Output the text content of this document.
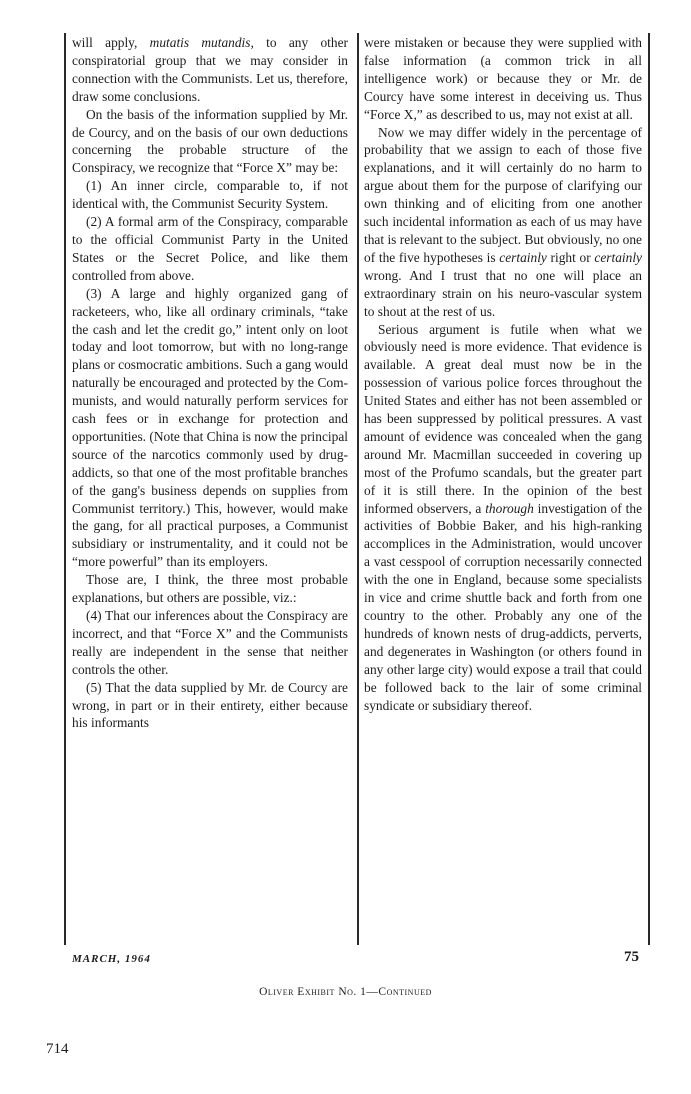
will apply, mutatis mutandis, to any other conspiratorial group that we may consider in connection with the Communists. Let us, therefore, draw some conclusions.

On the basis of the information supplied by Mr. de Courcy, and on the basis of our own deductions concerning the probable structure of the Conspiracy, we recognize that “Force X” may be:

(1) An inner circle, comparable to, if not identical with, the Communist Security System.

(2) A formal arm of the Conspiracy, comparable to the official Communist Party in the United States or the Secret Police, and like them controlled from above.

(3) A large and highly organized gang of racketeers, who, like all ordinary criminals, “take the cash and let the credit go,” intent only on loot today and loot tomorrow, but with no long-range plans or cosmocratic ambitions. Such a gang would naturally be encouraged and protected by the Communists, and would naturally perform services for cash fees or in exchange for protection and opportunities. (Note that China is now the principal source of the narcotics commonly used by drug-addicts, so that one of the most profitable branches of the gang's business depends on supplies from Communist territory.) This, however, would make the gang, for all practical purposes, a Communist subsidiary or instrumentality, and it could not be “more powerful” than its employers.

Those are, I think, the three most probable explanations, but others are possible, viz.:

(4) That our inferences about the Conspiracy are incorrect, and that “Force X” and the Communists really are independent in the sense that neither controls the other.

(5) That the data supplied by Mr. de Courcy are wrong, in part or in their entirety, either because his informants

were mistaken or because they were supplied with false information (a common trick in all intelligence work) or because they or Mr. de Courcy have some interest in deceiving us. Thus “Force X,” as described to us, may not exist at all.

Now we may differ widely in the percentage of probability that we assign to each of those five explanations, and it will certainly do no harm to argue about them for the purpose of clarifying our own thinking and of eliciting from one another such incidental information as each of us may have that is relevant to the subject. But obviously, no one of the five hypotheses is certainly right or certainly wrong. And I trust that no one will place an extraordinary strain on his neuro-vascular system to shout at the rest of us.

Serious argument is futile when what we obviously need is more evidence. That evidence is available. A great deal must now be in the possession of various police forces throughout the United States and either has not been assembled or has been suppressed by political pressures. A vast amount of evidence was concealed when the gang around Mr. Macmillan succeeded in covering up most of the Profumo scandals, but the greater part of it is still there. In the opinion of the best informed observers, a thorough investigation of the activities of Bobbie Baker, and his high-ranking accomplices in the Administration, would uncover a vast cesspool of corruption necessarily connected with the one in England, because some specialists in vice and crime shuttle back and forth from one country to the other. Probably any one of the hundreds of known nests of drug-addicts, perverts, and degenerates in Washington (or others found in any other large city) would expose a trail that could be followed back to the lair of some criminal syndicate or subsidiary thereof.

MARCH, 1964	75
Oliver Exhibit No. 1—Continued
714
